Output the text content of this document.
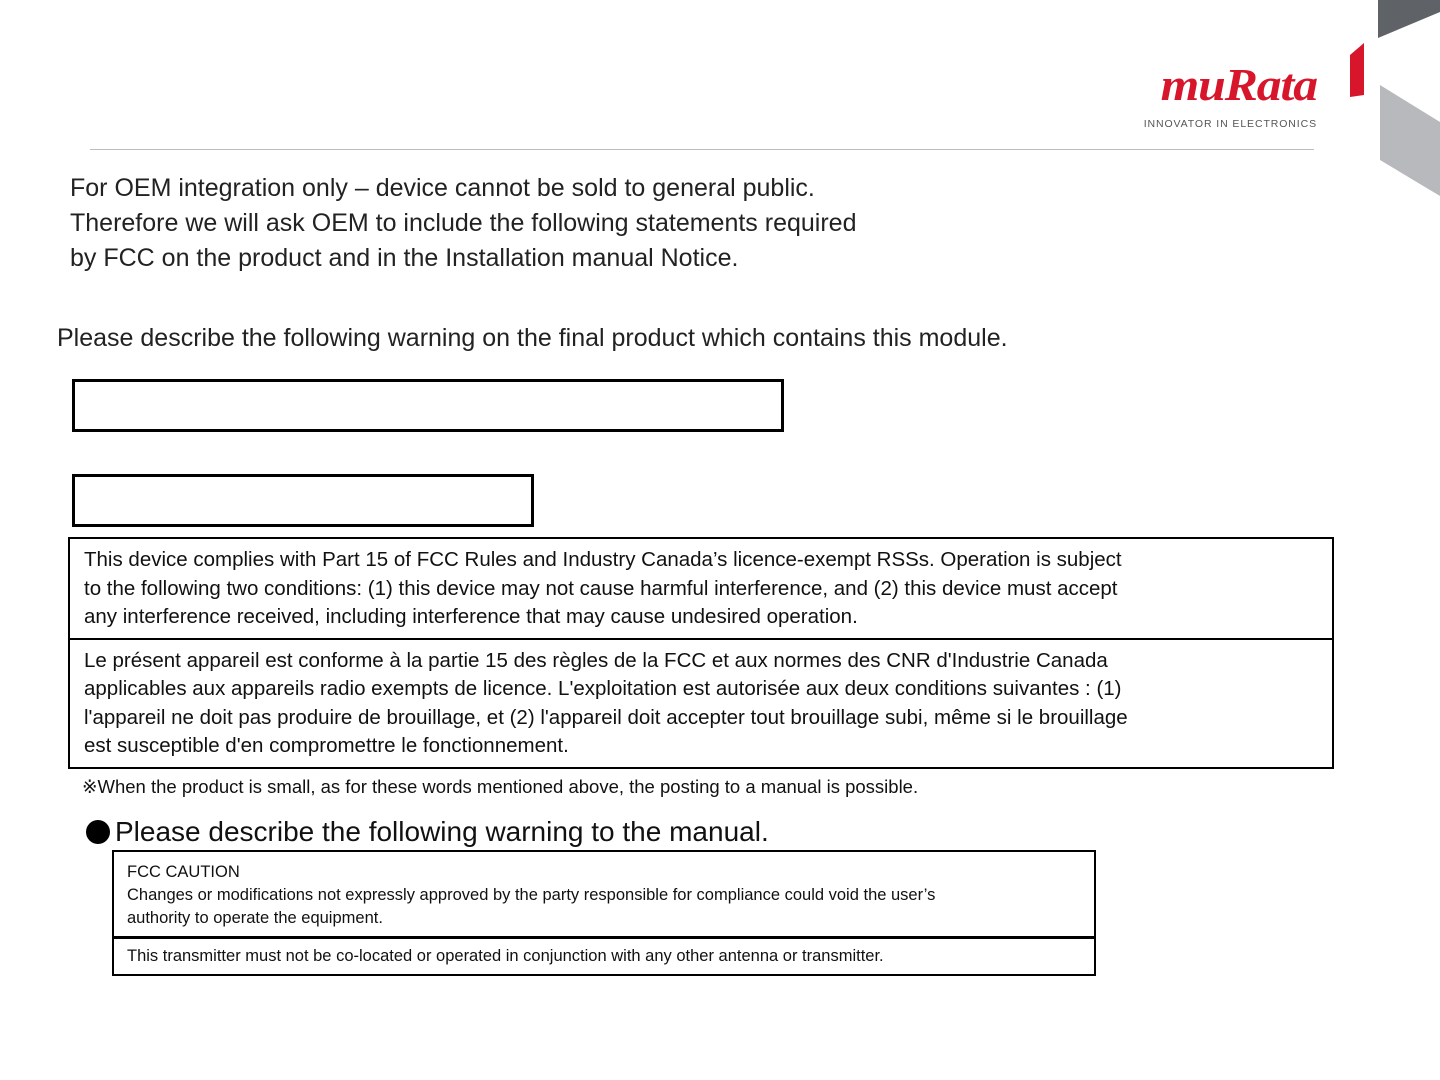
muRata
INNOVATOR IN ELECTRONICS
For OEM integration only – device cannot be sold to general public.
Therefore we will ask OEM to include the following statements required
by FCC on the product and in the Installation manual Notice.
Please describe the following warning on the final product which contains this module.
This device complies with Part 15 of FCC Rules and Industry Canada’s licence-exempt RSSs. Operation is subject
to the following two conditions: (1) this device may not cause harmful interference, and (2) this device must accept
any interference received, including interference that may cause undesired operation.
Le présent appareil est conforme à la partie 15 des règles de la FCC et aux normes des CNR d'Industrie Canada
applicables aux appareils radio exempts de licence. L'exploitation est autorisée aux deux conditions suivantes : (1)
l'appareil ne doit pas produire de brouillage, et (2) l'appareil doit accepter tout brouillage subi, même si le brouillage
est susceptible d'en compromettre le fonctionnement.
※When the product is small, as for these words mentioned above, the posting to a manual is possible.
Please describe the following warning to the manual.
FCC CAUTION
Changes or modifications not expressly approved by the party responsible for compliance could void the user’s
authority to operate the equipment.
This transmitter must not be co-located or operated in conjunction with any other antenna or transmitter.
